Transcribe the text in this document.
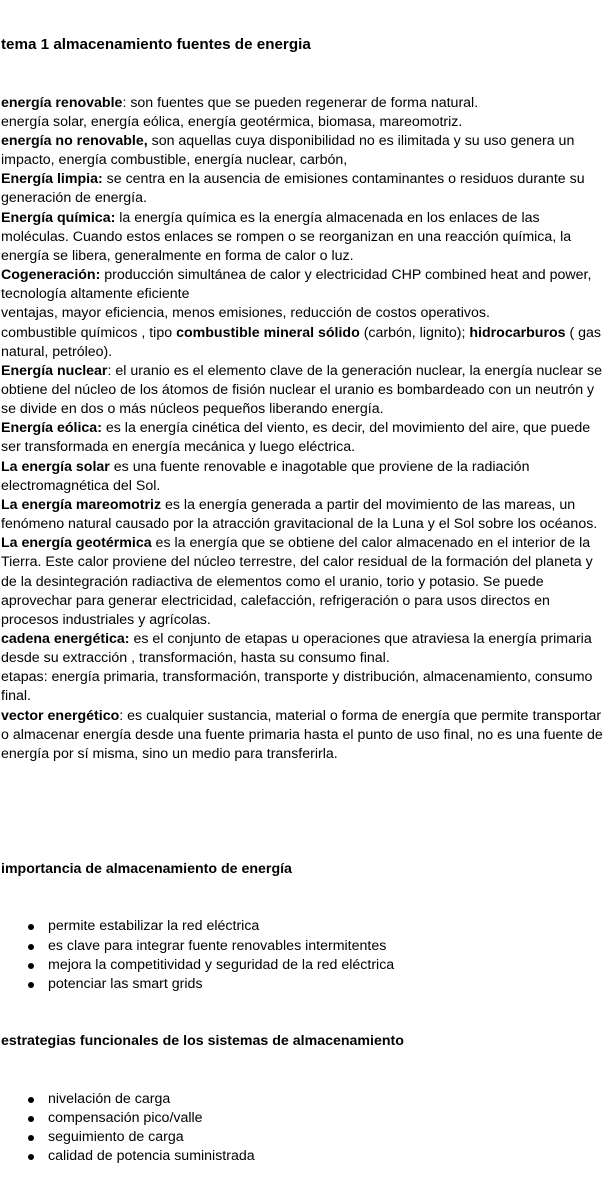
tema 1 almacenamiento fuentes de energia

energía renovable: son fuentes que se pueden regenerar de forma natural.
energía solar, energía eólica, energía geotérmica, biomasa, mareomotriz.
energía no renovable, son aquellas cuya disponibilidad no es ilimitada y su uso genera un impacto, energía combustible, energía nuclear, carbón,
Energía limpia: se centra en la ausencia de emisiones contaminantes o residuos durante su generación de energía.
Energía química: la energía química es la energía almacenada en los enlaces de las moléculas. Cuando estos enlaces se rompen o se reorganizan en una reacción química, la energía se libera, generalmente en forma de calor o luz.
Cogeneración: producción simultánea de calor y electricidad CHP combined heat and power, tecnología altamente eficiente
ventajas, mayor eficiencia, menos emisiones, reducción de costos operativos.
combustible químicos , tipo combustible mineral sólido (carbón, lignito); hidrocarburos ( gas natural, petróleo).
Energía nuclear: el uranio es el elemento clave de la generación nuclear, la energía nuclear se obtiene del núcleo de los átomos de fisión nuclear el uranio es bombardeado con un neutrón y se divide en dos o más núcleos pequeños liberando energía.
Energía eólica: es la energía cinética del viento, es decir, del movimiento del aire, que puede ser transformada en energía mecánica y luego eléctrica.
La energía solar es una fuente renovable e inagotable que proviene de la radiación electromagnética del Sol.
La energía mareomotriz es la energía generada a partir del movimiento de las mareas, un fenómeno natural causado por la atracción gravitacional de la Luna y el Sol sobre los océanos.
La energía geotérmica es la energía que se obtiene del calor almacenado en el interior de la Tierra. Este calor proviene del núcleo terrestre, del calor residual de la formación del planeta y de la desintegración radiactiva de elementos como el uranio, torio y potasio. Se puede aprovechar para generar electricidad, calefacción, refrigeración o para usos directos en procesos industriales y agrícolas.
cadena energética: es el conjunto de etapas u operaciones que atraviesa la energía primaria desde su extracción , transformación, hasta su consumo final.
etapas: energía primaria, transformación, transporte y distribución, almacenamiento, consumo final.
vector energético: es cualquier sustancia, material o forma de energía que permite transportar o almacenar energía desde una fuente primaria hasta el punto de uso final, no es una fuente de energía por sí misma, sino un medio para transferirla.

importancia de almacenamiento de energía

permite estabilizar la red eléctrica
es clave para integrar fuente renovables intermitentes
mejora la competitividad y seguridad de la red eléctrica
potenciar las smart grids

estrategias funcionales de los sistemas de almacenamiento

nivelación de carga
compensación pico/valle
seguimiento de carga
calidad de potencia suministrada
